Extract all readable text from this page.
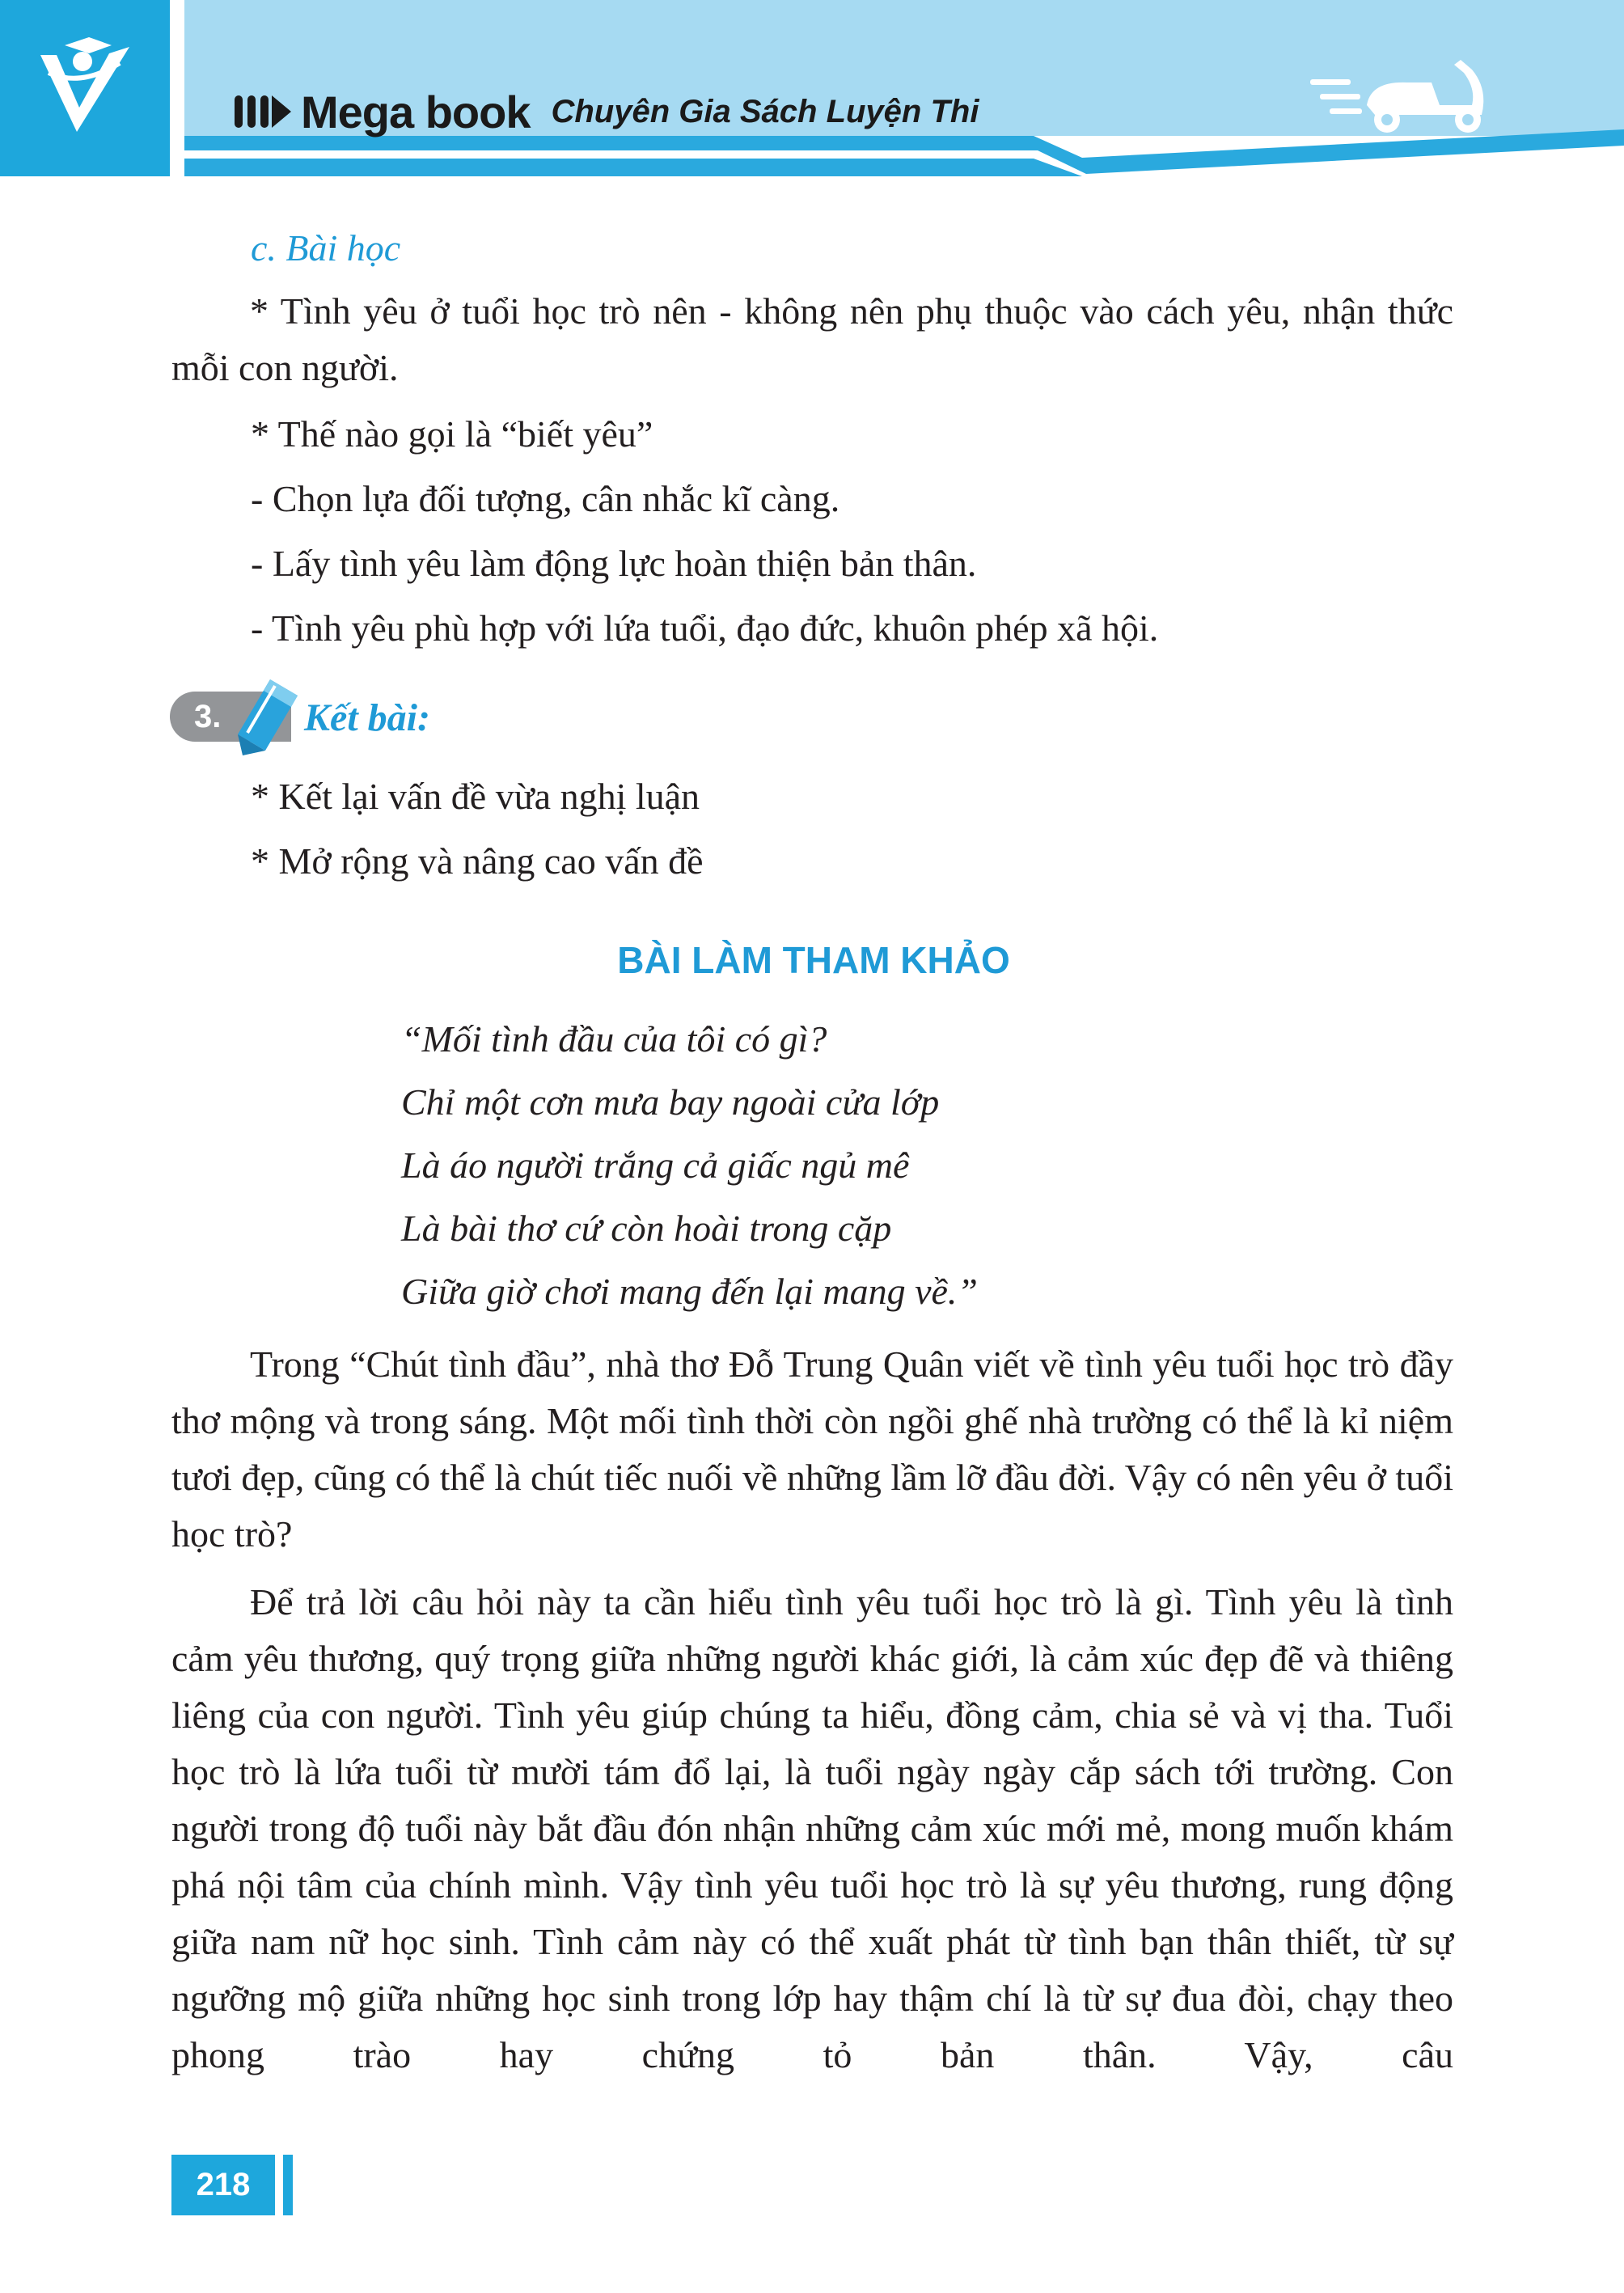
Mega book Chuyên Gia Sách Luyện Thi
c. Bài học

* Tình yêu ở tuổi học trò nên - không nên phụ thuộc vào cách yêu, nhận thức mỗi con người.

* Thế nào gọi là “biết yêu”

- Chọn lựa đối tượng, cân nhắc kĩ càng.

- Lấy tình yêu làm động lực hoàn thiện bản thân.

- Tình yêu phù hợp với lứa tuổi, đạo đức, khuôn phép xã hội.

3. Kết bài:

* Kết lại vấn đề vừa nghị luận

* Mở rộng và nâng cao vấn đề

BÀI LÀM THAM KHẢO

“Mối tình đầu của tôi có gì?

Chỉ một cơn mưa bay ngoài cửa lớp

Là áo người trắng cả giấc ngủ mê

Là bài thơ cứ còn hoài trong cặp

Giữa giờ chơi mang đến lại mang về.”

Trong “Chút tình đầu”, nhà thơ Đỗ Trung Quân viết về tình yêu tuổi học trò đầy thơ mộng và trong sáng. Một mối tình thời còn ngồi ghế nhà trường có thể là kỉ niệm tươi đẹp, cũng có thể là chút tiếc nuối về những lầm lỡ đầu đời. Vậy có nên yêu ở tuổi học trò?

Để trả lời câu hỏi này ta cần hiểu tình yêu tuổi học trò là gì. Tình yêu là tình cảm yêu thương, quý trọng giữa những người khác giới, là cảm xúc đẹp đẽ và thiêng liêng của con người. Tình yêu giúp chúng ta hiểu, đồng cảm, chia sẻ và vị tha. Tuổi học trò là lứa tuổi từ mười tám đổ lại, là tuổi ngày ngày cắp sách tới trường. Con người trong độ tuổi này bắt đầu đón nhận những cảm xúc mới mẻ, mong muốn khám phá nội tâm của chính mình. Vậy tình yêu tuổi học trò là sự yêu thương, rung động giữa nam nữ học sinh. Tình cảm này có thể xuất phát từ tình bạn thân thiết, từ sự ngưỡng mộ giữa những học sinh trong lớp hay thậm chí là từ sự đua đòi, chạy theo phong trào hay chứng tỏ bản thân. Vậy, câu

218
